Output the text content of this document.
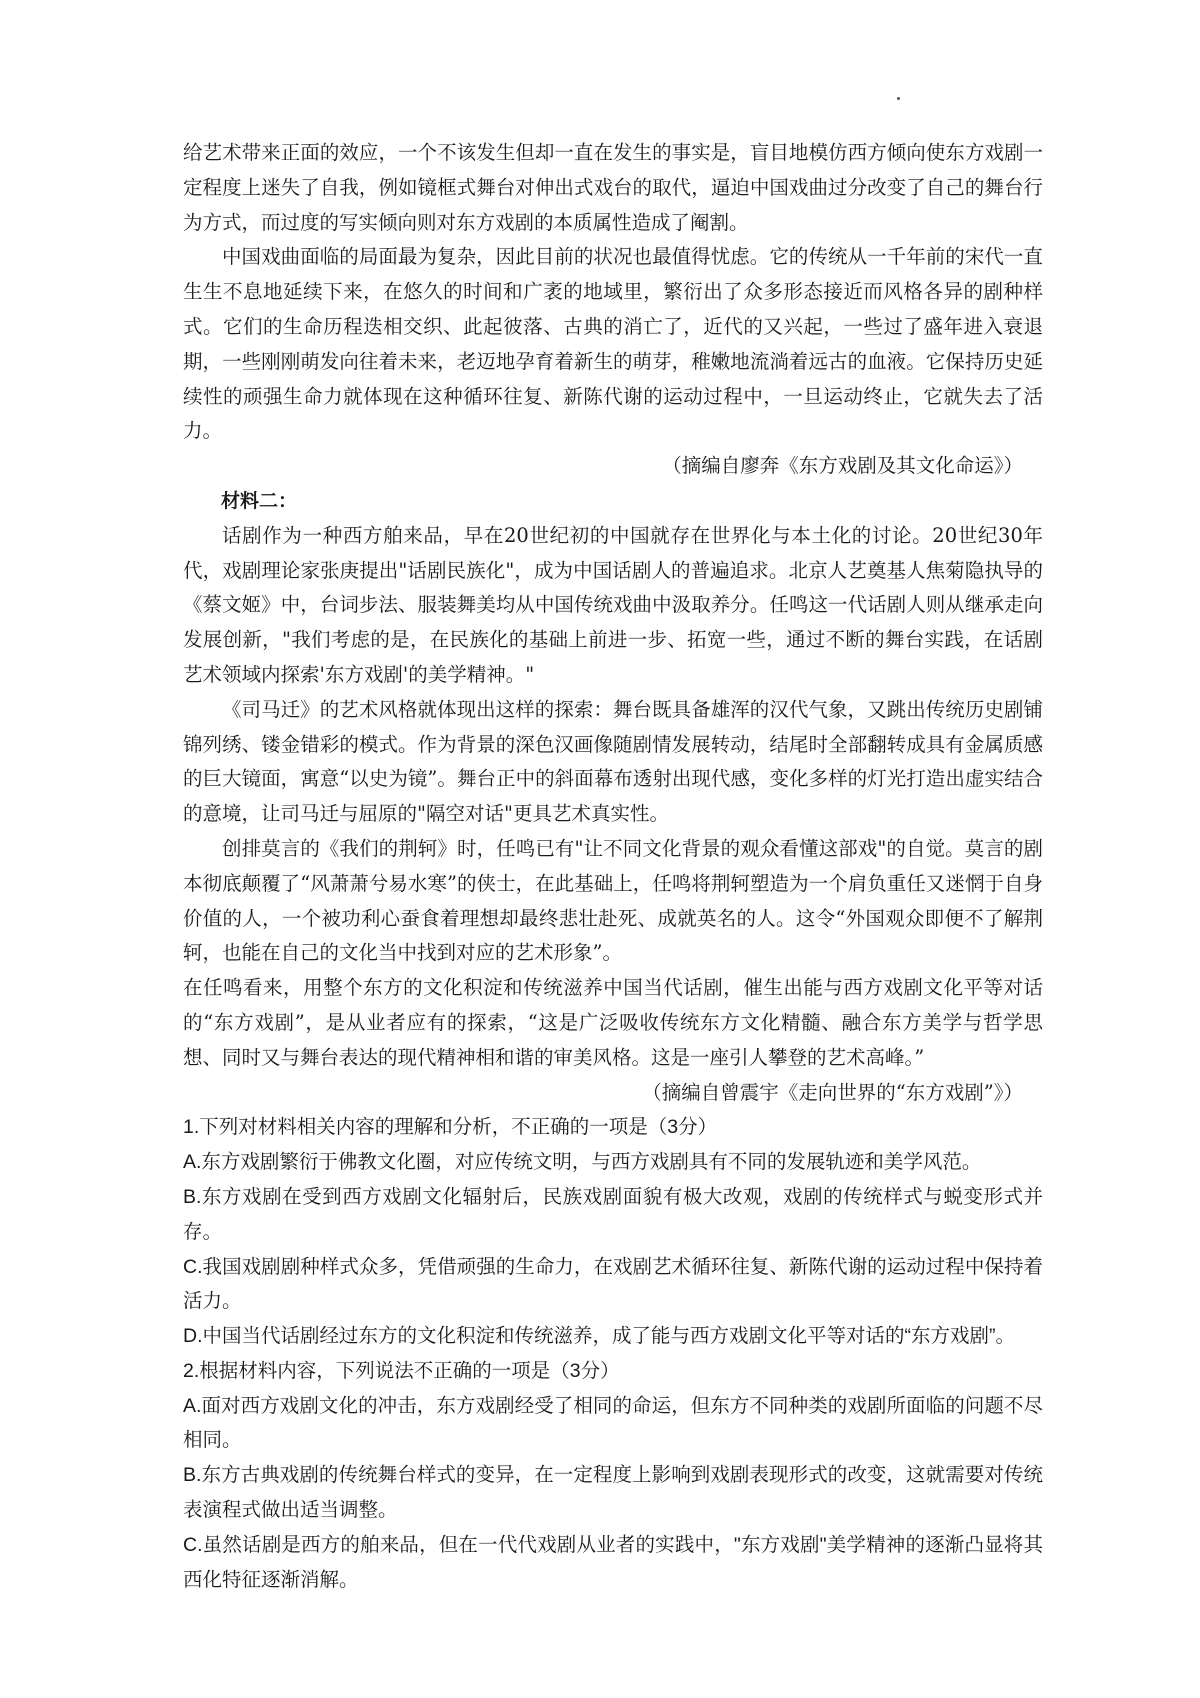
给艺术带来正面的效应，一个不该发生但却一直在发生的事实是，盲目地模仿西方倾向使东方戏剧一定程度上迷失了自我，例如镜框式舞台对伸出式戏台的取代，逼迫中国戏曲过分改变了自己的舞台行为方式，而过度的写实倾向则对东方戏剧的本质属性造成了阉割。

中国戏曲面临的局面最为复杂，因此目前的状况也最值得忧虑。它的传统从一千年前的宋代一直生生不息地延续下来，在悠久的时间和广袤的地域里，繁衍出了众多形态接近而风格各异的剧种样式。它们的生命历程迭相交织、此起彼落、古典的消亡了，近代的又兴起，一些过了盛年进入衰退期，一些刚刚萌发向往着未来，老迈地孕育着新生的萌芽，稚嫩地流淌着远古的血液。它保持历史延续性的顽强生命力就体现在这种循环往复、新陈代谢的运动过程中，一旦运动终止，它就失去了活力。

（摘编自廖奔《东方戏剧及其文化命运》）

材料二：

话剧作为一种西方舶来品，早在20世纪初的中国就存在世界化与本土化的讨论。20世纪30年代，戏剧理论家张庚提出"话剧民族化"，成为中国话剧人的普遍追求。北京人艺奠基人焦菊隐执导的《蔡文姬》中，台词步法、服装舞美均从中国传统戏曲中汲取养分。任鸣这一代话剧人则从继承走向发展创新，"我们考虑的是，在民族化的基础上前进一步、拓宽一些，通过不断的舞台实践，在话剧艺术领域内探索'东方戏剧'的美学精神。"

《司马迁》的艺术风格就体现出这样的探索：舞台既具备雄浑的汉代气象，又跳出传统历史剧铺锦列绣、镂金错彩的模式。作为背景的深色汉画像随剧情发展转动，结尾时全部翻转成具有金属质感的巨大镜面，寓意“以史为镜”。舞台正中的斜面幕布透射出现代感，变化多样的灯光打造出虚实结合的意境，让司马迁与屈原的"隔空对话"更具艺术真实性。

创排莫言的《我们的荆轲》时，任鸣已有"让不同文化背景的观众看懂这部戏"的自觉。莫言的剧本彻底颠覆了“风萧萧兮易水寒”的侠士，在此基础上，任鸣将荆轲塑造为一个肩负重任又迷惘于自身价值的人，一个被功利心蚕食着理想却最终悲壮赴死、成就英名的人。这令“外国观众即便不了解荆轲，也能在自己的文化当中找到对应的艺术形象”。

在任鸣看来，用整个东方的文化积淀和传统滋养中国当代话剧，催生出能与西方戏剧文化平等对话的“东方戏剧”，是从业者应有的探索，“这是广泛吸收传统东方文化精髓、融合东方美学与哲学思想、同时又与舞台表达的现代精神相和谐的审美风格。这是一座引人攀登的艺术高峰。”

（摘编自曾震宇《走向世界的“东方戏剧”》）

1.下列对材料相关内容的理解和分析，不正确的一项是（3分）

A.东方戏剧繁衍于佛教文化圈，对应传统文明，与西方戏剧具有不同的发展轨迹和美学风范。

B.东方戏剧在受到西方戏剧文化辐射后，民族戏剧面貌有极大改观，戏剧的传统样式与蜕变形式并存。

C.我国戏剧剧种样式众多，凭借顽强的生命力，在戏剧艺术循环往复、新陈代谢的运动过程中保持着活力。

D.中国当代话剧经过东方的文化积淀和传统滋养，成了能与西方戏剧文化平等对话的“东方戏剧”。

2.根据材料内容，下列说法不正确的一项是（3分）

A.面对西方戏剧文化的冲击，东方戏剧经受了相同的命运，但东方不同种类的戏剧所面临的问题不尽相同。

B.东方古典戏剧的传统舞台样式的变异，在一定程度上影响到戏剧表现形式的改变，这就需要对传统表演程式做出适当调整。

C.虽然话剧是西方的舶来品，但在一代代戏剧从业者的实践中，"东方戏剧"美学精神的逐渐凸显将其西化特征逐渐消解。
